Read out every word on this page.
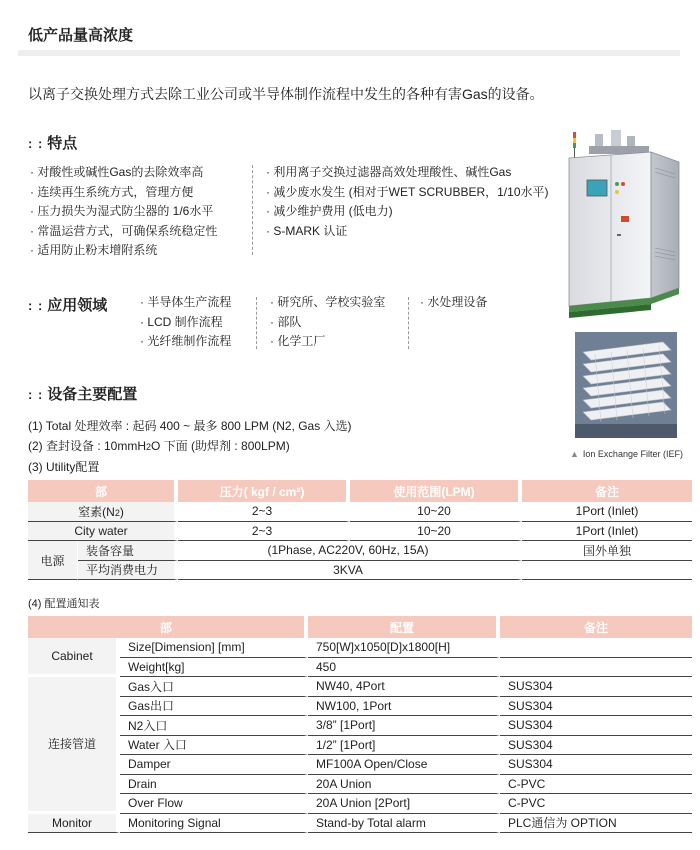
低产品量高浓度
以离子交换处理方式去除工业公司或半导体制作流程中发生的各种有害Gas的设备。
: : 特点
· 对酸性或碱性Gas的去除效率高
· 连续再生系统方式，管理方便
· 压力损失为湿式防尘器的 1/6水平
· 常温运营方式，可确保系统稳定性
· 适用防止粉末增附系统
· 利用离子交换过滤器高效处理酸性、碱性Gas
· 减少废水发生 (相对于WET SCRUBBER，1/10水平)
· 减少维护费用 (低电力)
· S-MARK 认证
: : 应用领域	· 半导体生产流程
· LCD 制作流程
· 光纤维制作流程
· 研究所、学校实验室
· 部队
· 化学工厂
· 水处理设备
: : 设备主要配置
(1) Total 处理效率 : 起码 400 ~ 最多 800 LPM (N2, Gas 入选)
(2) 查封设备 : 10mmH2O 下面 (助焊剂 : 800LPM)
(3) Utility配置
▲ Ion Exchange Filter (IEF)
部		压力( kgf / cm²)	使用范围(LPM)	备注
窒素(N2)		2~3	10~20	1Port (Inlet)
City water		2~3	10~20	1Port (Inlet)
电源	装备容量	(1Phase, AC220V, 60Hz, 15A)		国外单独
	平均消费电力	3KVA		
(4) 配置通知表
部		配置	备注
Cabinet	Size[Dimension] [mm]	750[W]x1050[D]x1800[H]	
	Weight[kg]	450	
连接管道	Gas入口	NW40, 4Port	SUS304
	Gas出口	NW100, 1Port	SUS304
	N2入口	3/8” [1Port]	SUS304
	Water 入口	1/2” [1Port]	SUS304
	Damper	MF100A Open/Close	SUS304
	Drain	20A Union	C-PVC
	Over Flow	20A Union [2Port]	C-PVC
Monitor	Monitoring Signal	Stand-by Total alarm	PLC通信为 OPTION
